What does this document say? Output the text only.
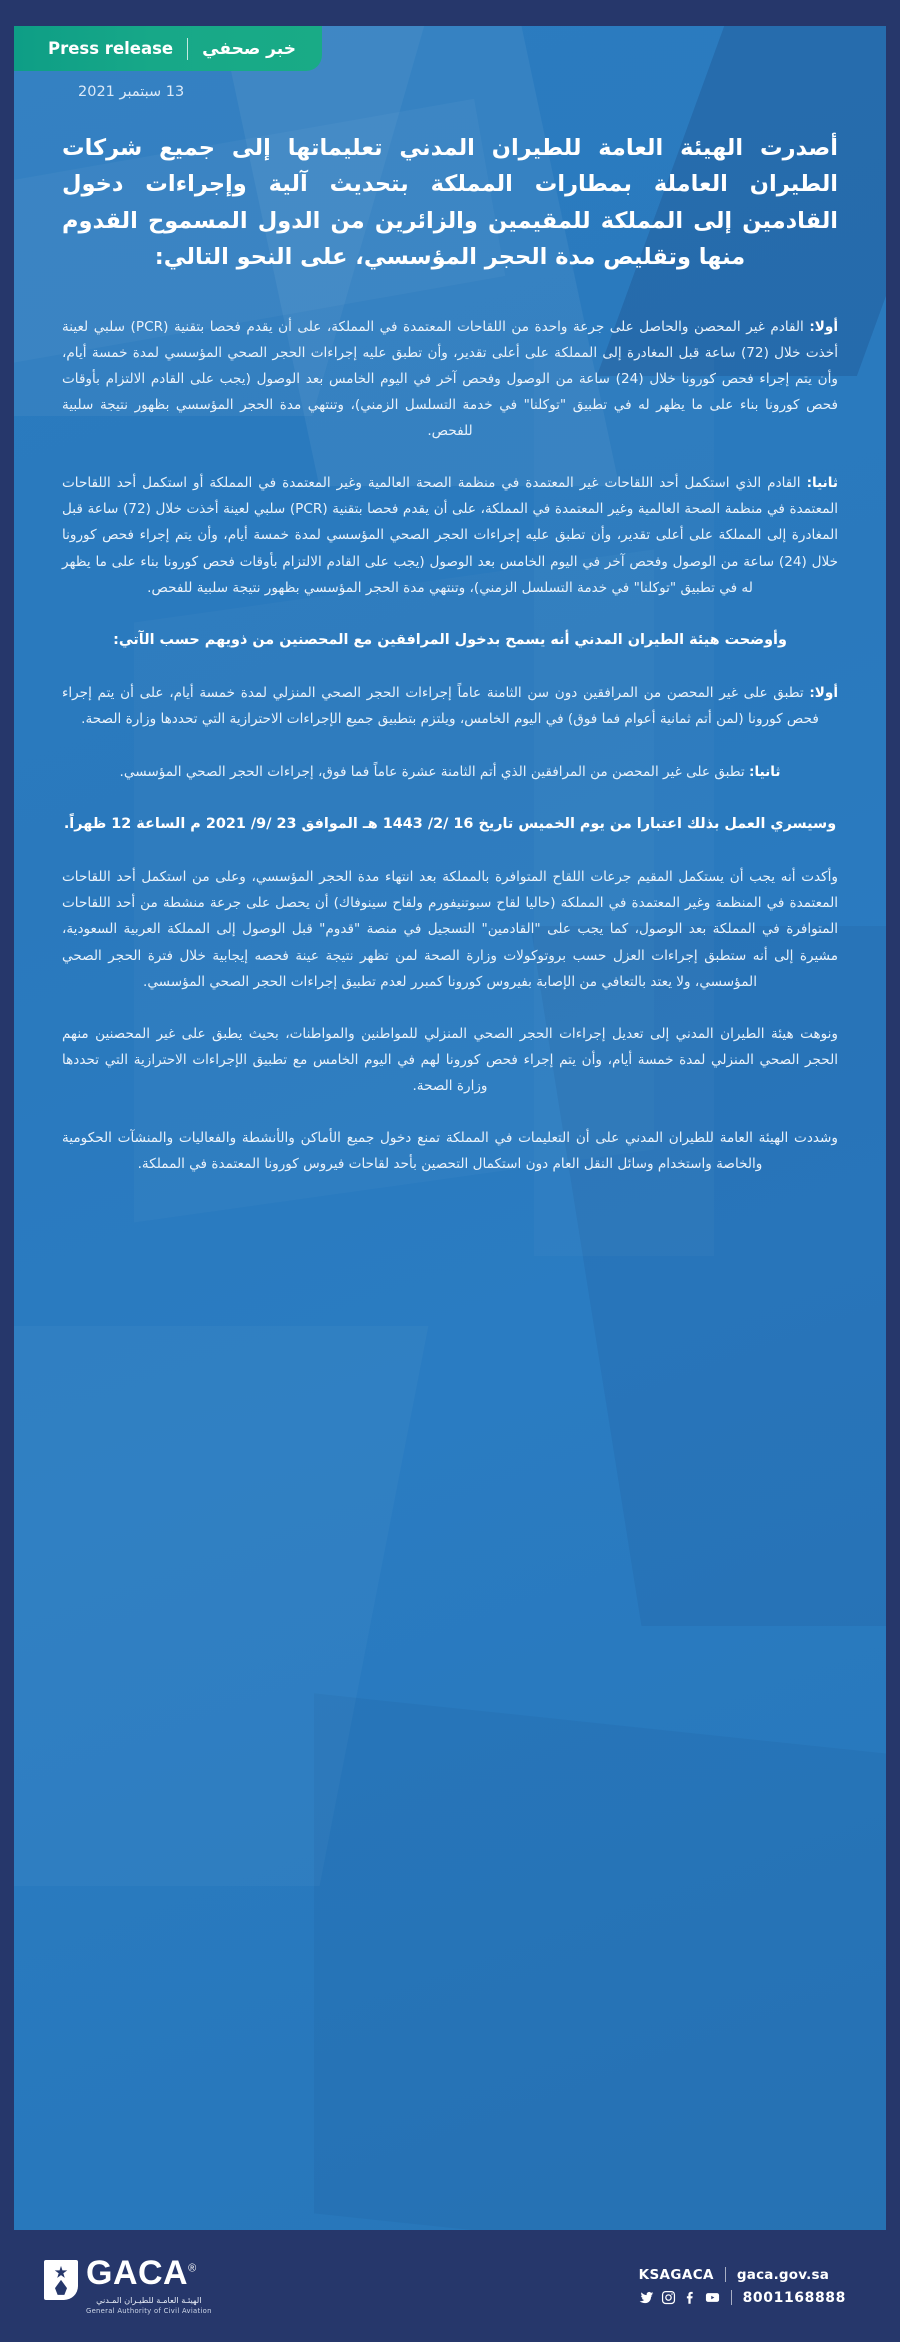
خبر صحفي
Press release
13 سبتمبر 2021
أصدرت الهيئة العامة للطيران المدني تعليماتها إلى جميع شركات الطيران العاملة بمطارات المملكة بتحديث آلية وإجراءات دخول القادمين إلى المملكة للمقيمين والزائرين من الدول المسموح القدوم منها وتقليص مدة الحجر المؤسسي، على النحو التالي:

أولا: القادم غير المحصن والحاصل على جرعة واحدة من اللقاحات المعتمدة في المملكة، على أن يقدم فحصا بتقنية (PCR) سلبي لعينة أخذت خلال (72) ساعة قبل المغادرة إلى المملكة على أعلى تقدير، وأن تطبق عليه إجراءات الحجر الصحي المؤسسي لمدة خمسة أيام، وأن يتم إجراء فحص كورونا خلال (24) ساعة من الوصول وفحص آخر في اليوم الخامس بعد الوصول (يجب على القادم الالتزام بأوقات فحص كورونا بناء على ما يظهر له في تطبيق "توكلنا" في خدمة التسلسل الزمني)، وتنتهي مدة الحجر المؤسسي بظهور نتيجة سلبية للفحص.

ثانيا: القادم الذي استكمل أحد اللقاحات غير المعتمدة في منظمة الصحة العالمية وغير المعتمدة في المملكة أو استكمل أحد اللقاحات المعتمدة في منظمة الصحة العالمية وغير المعتمدة في المملكة، على أن يقدم فحصا بتقنية (PCR) سلبي لعينة أخذت خلال (72) ساعة قبل المغادرة إلى المملكة على أعلى تقدير، وأن تطبق عليه إجراءات الحجر الصحي المؤسسي لمدة خمسة أيام، وأن يتم إجراء فحص كورونا خلال (24) ساعة من الوصول وفحص آخر في اليوم الخامس بعد الوصول (يجب على القادم الالتزام بأوقات فحص كورونا بناء على ما يظهر له في تطبيق "توكلنا" في خدمة التسلسل الزمني)، وتنتهي مدة الحجر المؤسسي بظهور نتيجة سلبية للفحص.

وأوضحت هيئة الطيران المدني أنه يسمح بدخول المرافقين مع المحصنين من ذويهم حسب الآتي:

أولا: تطبق على غير المحصن من المرافقين دون سن الثامنة عاماً إجراءات الحجر الصحي المنزلي لمدة خمسة أيام، على أن يتم إجراء فحص كورونا (لمن أتم ثمانية أعوام فما فوق) في اليوم الخامس، ويلتزم بتطبيق جميع الإجراءات الاحترازية التي تحددها وزارة الصحة.

ثانيا: تطبق على غير المحصن من المرافقين الذي أتم الثامنة عشرة عاماً فما فوق، إجراءات الحجر الصحي المؤسسي.

وسيسري العمل بذلك اعتبارا من يوم الخميس تاريخ 16 /2/ 1443 هـ الموافق 23 /9/ 2021 م الساعة 12 ظهراً.

وأكدت أنه يجب أن يستكمل المقيم جرعات اللقاح المتوافرة بالمملكة بعد انتهاء مدة الحجر المؤسسي، وعلى من استكمل أحد اللقاحات المعتمدة في المنظمة وغير المعتمدة في المملكة (حاليا لقاح سبوتنيفورم ولقاح سينوفاك) أن يحصل على جرعة منشطة من أحد اللقاحات المتوافرة في المملكة بعد الوصول، كما يجب على "القادمين" التسجيل في منصة "قدوم" قبل الوصول إلى المملكة العربية السعودية، مشيرة إلى أنه ستطبق إجراءات العزل حسب بروتوكولات وزارة الصحة لمن تظهر نتيجة عينة فحصه إيجابية خلال فترة الحجر الصحي المؤسسي، ولا يعتد بالتعافي من الإصابة بفيروس كورونا كمبرر لعدم تطبيق إجراءات الحجر الصحي المؤسسي.

ونوهت هيئة الطيران المدني إلى تعديل إجراءات الحجر الصحي المنزلي للمواطنين والمواطنات، بحيث يطبق على غير المحصنين منهم الحجر الصحي المنزلي لمدة خمسة أيام، وأن يتم إجراء فحص كورونا لهم في اليوم الخامس مع تطبيق الإجراءات الاحترازية التي تحددها وزارة الصحة.

وشددت الهيئة العامة للطيران المدني على أن التعليمات في المملكة تمنع دخول جميع الأماكن والأنشطة والفعاليات والمنشآت الحكومية والخاصة واستخدام وسائل النقل العام دون استكمال التحصين بأحد لقاحات فيروس كورونا المعتمدة في المملكة.

GACA®
الهيئـة العامـة للطيـران المـدني
General Authority of Civil Aviation
KSAGACA gaca.gov.sa
8001168888
